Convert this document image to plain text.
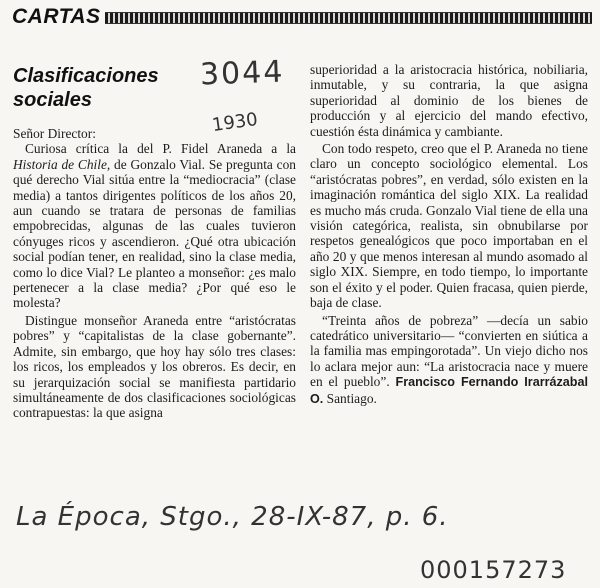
CARTAS
Clasificaciones sociales
3044
1930

Señor Director:

Curiosa crítica la del P. Fidel Araneda a la Historia de Chile, de Gonzalo Vial. Se pregunta con qué derecho Vial sitúa entre la “mediocracia” (clase media) a tantos dirigentes políticos de los años 20, aun cuando se tratara de personas de familias empobrecidas, algunas de las cuales tuvieron cónyuges ricos y ascendieron. ¿Qué otra ubicación social podían tener, en realidad, sino la clase media, como lo dice Vial? Le planteo a monseñor: ¿es malo pertenecer a la clase media? ¿Por qué eso le molesta?

Distingue monseñor Araneda entre “aristócratas pobres” y “capitalistas de la clase gobernante”. Admite, sin embargo, que hoy hay sólo tres clases: los ricos, los empleados y los obreros. Es decir, en su jerarquización social se manifiesta partidario simultáneamente de dos clasificaciones sociológicas contrapuestas: la que asigna

superioridad a la aristocracia histórica, nobiliaria, inmutable, y su contraria, la que asigna superioridad al dominio de los bienes de producción y al ejercicio del mando efectivo, cuestión ésta dinámica y cambiante.

Con todo respeto, creo que el P. Araneda no tiene claro un concepto sociológico elemental. Los “aristócratas pobres”, en verdad, sólo existen en la imaginación romántica del siglo XIX. La realidad es mucho más cruda. Gonzalo Vial tiene de ella una visión categórica, realista, sin obnubilarse por respetos genealógicos que poco importaban en el año 20 y que menos interesan al mundo asomado al siglo XIX. Siempre, en todo tiempo, lo importante son el éxito y el poder. Quien fracasa, quien pierde, baja de clase.

“Treinta años de pobreza” —decía un sabio catedrático universitario— “convierten en siútica a la familia mas empingorotada”. Un viejo dicho nos lo aclara mejor aun: “La aristocracia nace y muere en el pueblo”. Francisco Fernando Irarrázabal O. Santiago.

La Época, Stgo., 28-IX-87, p. 6.
000157273
